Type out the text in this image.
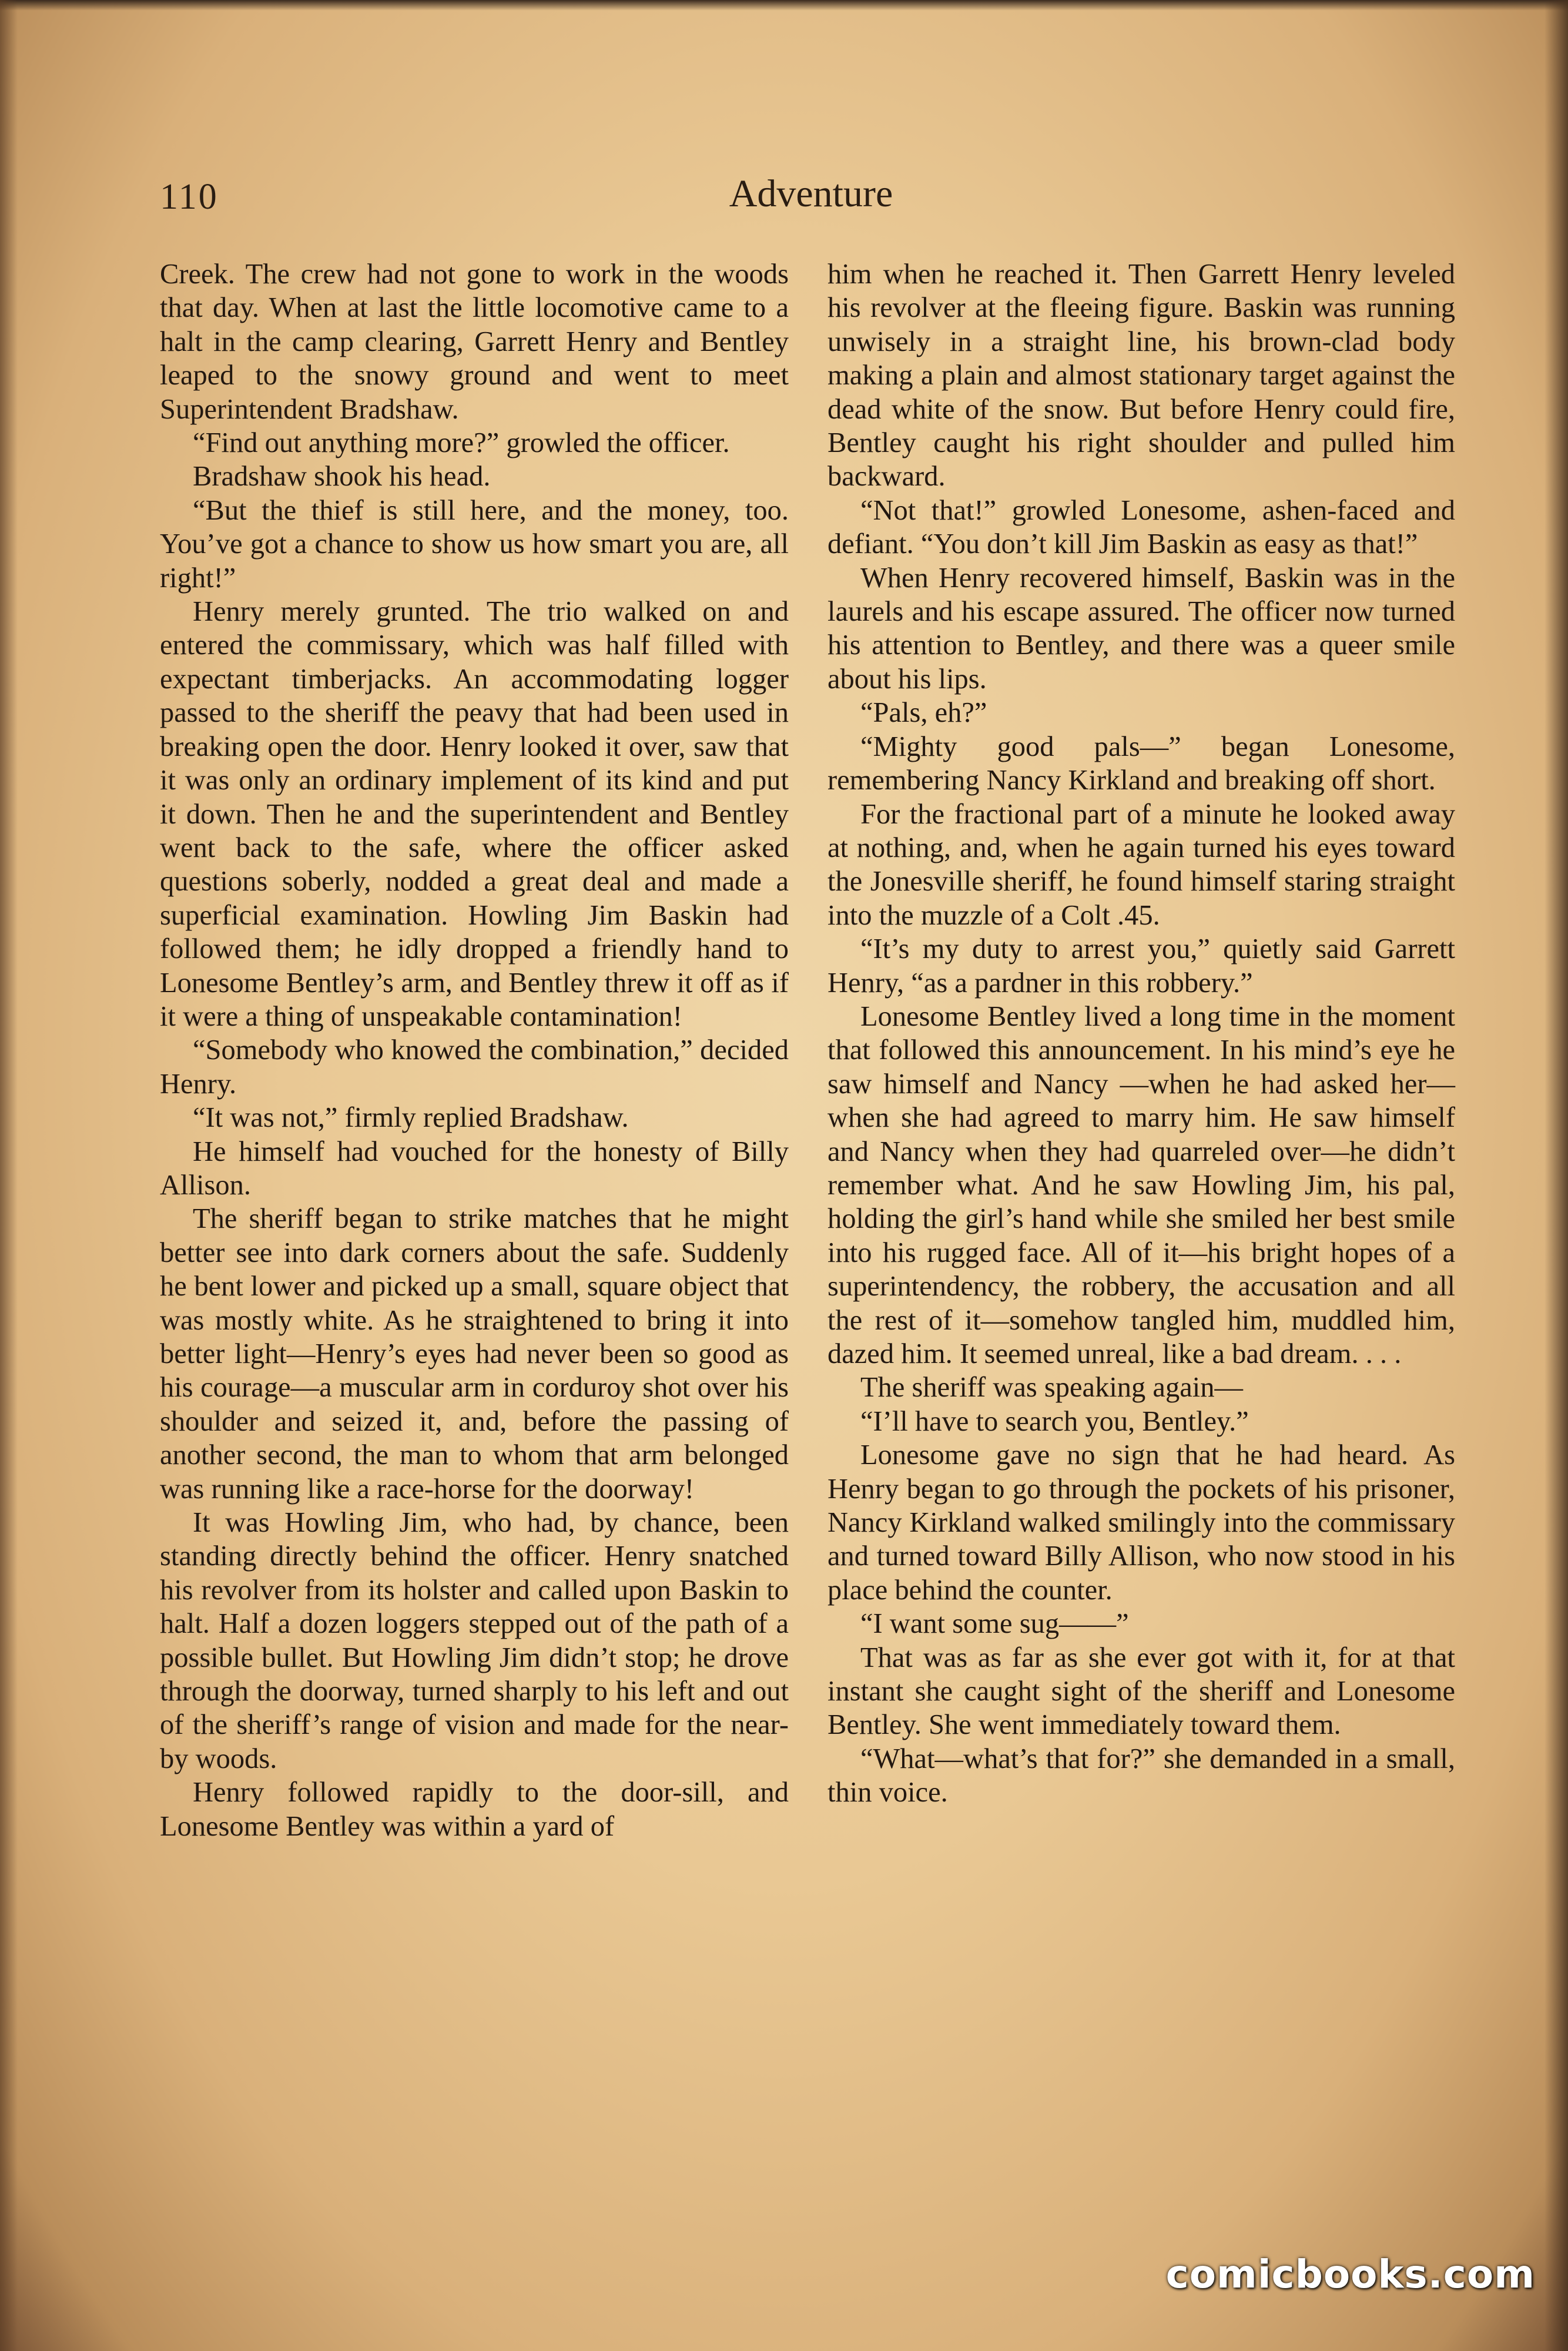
110	Adventure

Creek. The crew had not gone to work in the woods that day. When at last the little locomotive came to a halt in the camp clearing, Garrett Henry and Bentley leaped to the snowy ground and went to meet Superintendent Bradshaw.

“Find out anything more?” growled the officer.

Bradshaw shook his head.

“But the thief is still here, and the money, too. You’ve got a chance to show us how smart you are, all right!”

Henry merely grunted. The trio walked on and entered the commissary, which was half filled with expectant timberjacks. An accommodating logger passed to the sheriff the peavy that had been used in breaking open the door. Henry looked it over, saw that it was only an ordinary implement of its kind and put it down. Then he and the superintendent and Bentley went back to the safe, where the officer asked questions soberly, nodded a great deal and made a superficial examination. Howling Jim Baskin had followed them; he idly dropped a friendly hand to Lonesome Bentley’s arm, and Bentley threw it off as if it were a thing of unspeakable contamination!

“Somebody who knowed the combination,” decided Henry.

“It was not,” firmly replied Bradshaw.

He himself had vouched for the honesty of Billy Allison.

The sheriff began to strike matches that he might better see into dark corners about the safe. Suddenly he bent lower and picked up a small, square object that was mostly white. As he straightened to bring it into better light—Henry’s eyes had never been so good as his courage—a muscular arm in corduroy shot over his shoulder and seized it, and, before the passing of another second, the man to whom that arm belonged was running like a race-horse for the doorway!

It was Howling Jim, who had, by chance, been standing directly behind the officer. Henry snatched his revolver from its holster and called upon Baskin to halt. Half a dozen loggers stepped out of the path of a possible bullet. But Howling Jim didn’t stop; he drove through the doorway, turned sharply to his left and out of the sheriff’s range of vision and made for the near-by woods.

Henry followed rapidly to the door-sill, and Lonesome Bentley was within a yard of

him when he reached it. Then Garrett Henry leveled his revolver at the fleeing figure. Baskin was running unwisely in a straight line, his brown-clad body making a plain and almost stationary target against the dead white of the snow. But before Henry could fire, Bentley caught his right shoulder and pulled him backward.

“Not that!” growled Lonesome, ashen-faced and defiant. “You don’t kill Jim Baskin as easy as that!”

When Henry recovered himself, Baskin was in the laurels and his escape assured. The officer now turned his attention to Bentley, and there was a queer smile about his lips.

“Pals, eh?”

“Mighty good pals—” began Lonesome, remembering Nancy Kirkland and breaking off short.

For the fractional part of a minute he looked away at nothing, and, when he again turned his eyes toward the Jonesville sheriff, he found himself staring straight into the muzzle of a Colt .45.

“It’s my duty to arrest you,” quietly said Garrett Henry, “as a pardner in this robbery.”

Lonesome Bentley lived a long time in the moment that followed this announcement. In his mind’s eye he saw himself and Nancy —when he had asked her—when she had agreed to marry him. He saw himself and Nancy when they had quarreled over—he didn’t remember what. And he saw Howling Jim, his pal, holding the girl’s hand while she smiled her best smile into his rugged face. All of it—his bright hopes of a superintendency, the robbery, the accusation and all the rest of it—somehow tangled him, muddled him, dazed him. It seemed unreal, like a bad dream. . . .

The sheriff was speaking again—

“I’ll have to search you, Bentley.”

Lonesome gave no sign that he had heard. As Henry began to go through the pockets of his prisoner, Nancy Kirkland walked smilingly into the commissary and turned toward Billy Allison, who now stood in his place behind the counter.

“I want some sug——”

That was as far as she ever got with it, for at that instant she caught sight of the sheriff and Lonesome Bentley. She went immediately toward them.

“What—what’s that for?” she demanded in a small, thin voice.

comicbooks.com
